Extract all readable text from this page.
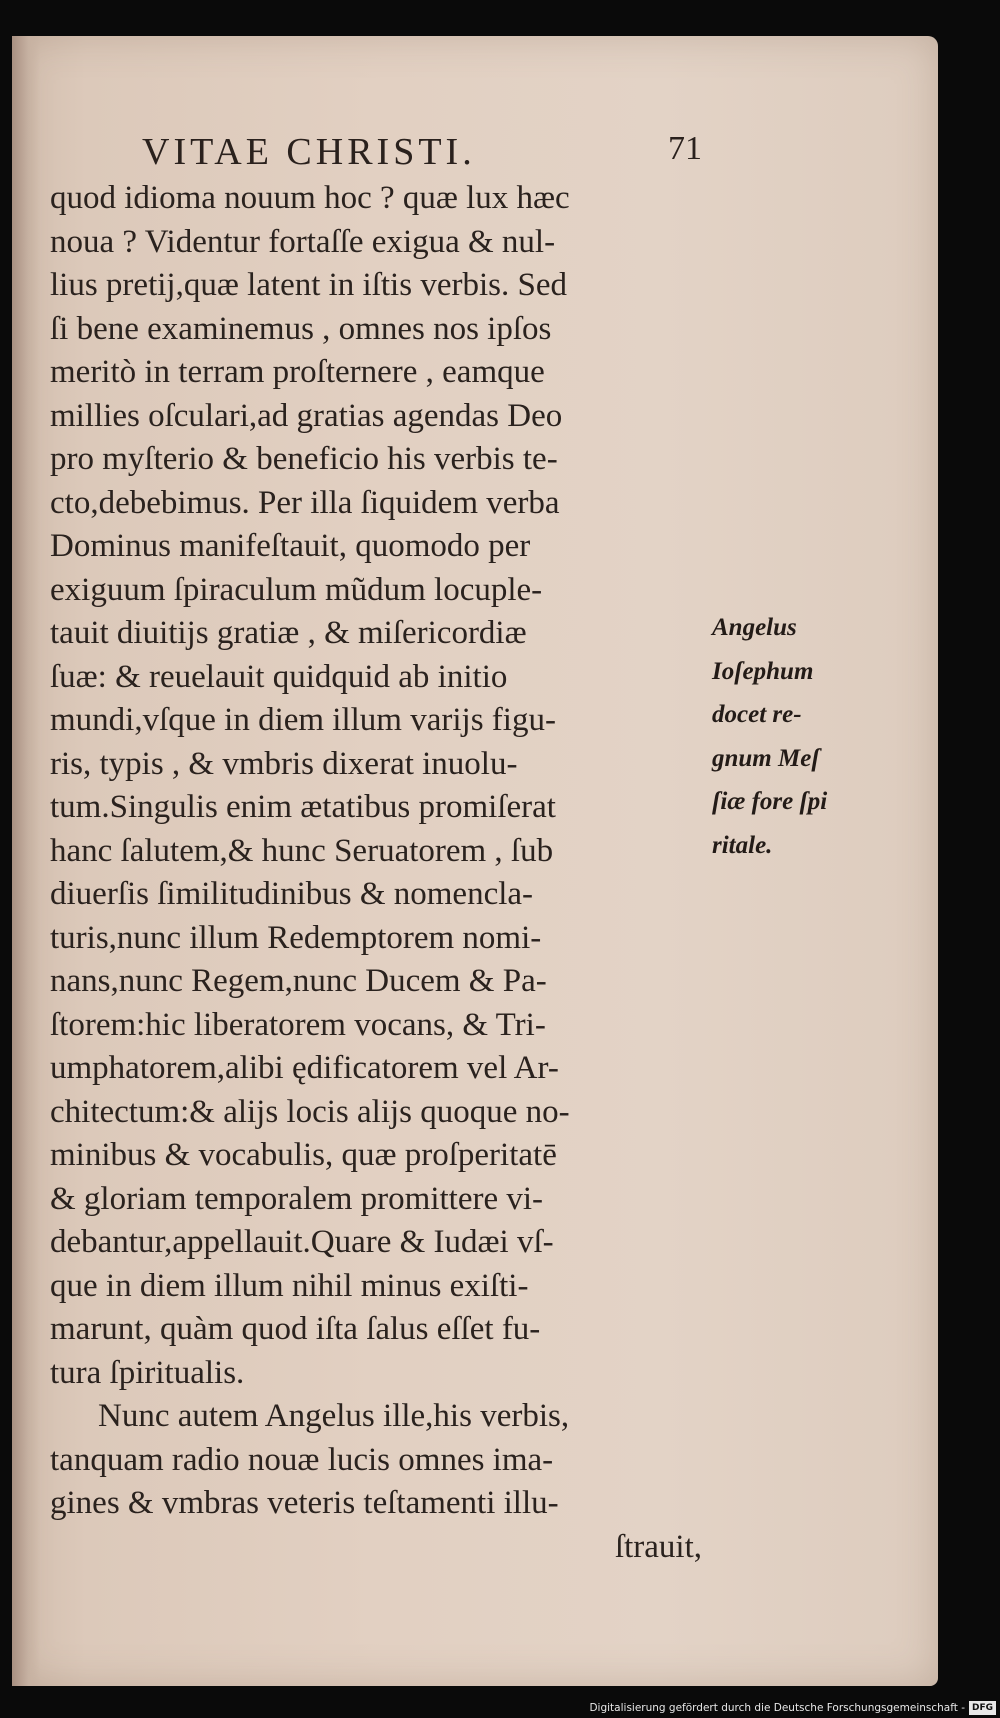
VITAE CHRISTI.	71
quod idioma nouum hoc ? quæ lux hæc
noua ? Videntur fortaſſe exigua & nul-
lius pretij,quæ latent in iſtis verbis. Sed
ſi bene examinemus , omnes nos ipſos
meritò in terram proſternere , eamque
millies oſculari,ad gratias agendas Deo
pro myſterio & beneficio his verbis te-
cto,debebimus. Per illa ſiquidem verba
Dominus manifeſtauit, quomodo per
exiguum ſpiraculum mũdum locuple-
tauit diuitijs gratiæ , & miſericordiæ
ſuæ: & reuelauit quidquid ab initio
mundi,vſque in diem illum varijs figu-
ris, typis , & vmbris dixerat inuolu-
tum.Singulis enim ætatibus promiſerat
hanc ſalutem,& hunc Seruatorem , ſub
diuerſis ſimilitudinibus & nomencla-
turis,nunc illum Redemptorem nomi-
nans,nunc Regem,nunc Ducem & Pa-
ſtorem:hic liberatorem vocans, & Tri-
umphatorem,alibi ędificatorem vel Ar-
chitectum:& alijs locis alijs quoque no-
minibus & vocabulis, quæ proſperitatē
& gloriam temporalem promittere vi-
debantur,appellauit.Quare & Iudæi vſ-
que in diem illum nihil minus exiſti-
marunt, quàm quod iſta ſalus eſſet fu-
tura ſpiritualis.
Nunc autem Angelus ille,his verbis,
tanquam radio nouæ lucis omnes ima-
gines & vmbras veteris teſtamenti illu-
ſtrauit,
Angelus
Ioſephum
docet re-
gnum Meſ
ſiæ fore ſpi
ritale.
Digitalisierung gefördert durch die Deutsche Forschungsgemeinschaft - DFG
